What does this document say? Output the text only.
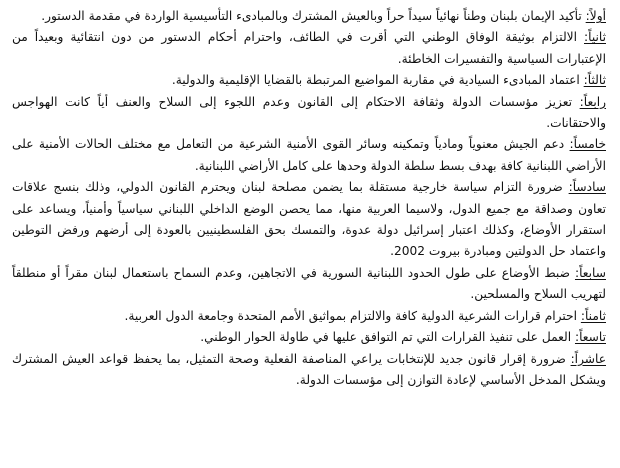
أولاً: تأكيد الإيمان بلبنان وطناً نهائياً سيداً حراً وبالعيش المشترك وبالمبادىء التأسيسية الواردة في مقدمة الدستور.

ثانياً: الالتزام بوثيقة الوفاق الوطني التي أقرت في الطائف، واحترام أحكام الدستور من دون انتقائية وبعيداً من الإعتبارات السياسية والتفسيرات الخاطئة.

ثالثاً: اعتماد المبادىء السيادية في مقاربة المواضيع المرتبطة بالقضايا الإقليمية والدولية.

رابعاً: تعزيز مؤسسات الدولة وثقافة الاحتكام إلى القانون وعدم اللجوء إلى السلاح والعنف أياً كانت الهواجس والاحتقانات.

خامساً: دعم الجيش معنوياً ومادياً وتمكينه وسائر القوى الأمنية الشرعية من التعامل مع مختلف الحالات الأمنية على الأراضي اللبنانية كافة بهدف بسط سلطة الدولة وحدها على كامل الأراضي اللبنانية.

سادساً: ضرورة التزام سياسة خارجية مستقلة بما يضمن مصلحة لبنان ويحترم القانون الدولي، وذلك بنسج علاقات تعاون وصداقة مع جميع الدول، ولاسيما العربية منها، مما يحصن الوضع الداخلي اللبناني سياسياً وأمنياً، ويساعد على استقرار الأوضاع، وكذلك اعتبار إسرائيل دولة عدوة، والتمسك بحق الفلسطينيين بالعودة إلى أرضهم ورفض التوطين واعتماد حل الدولتين ومبادرة بيروت 2002.

سابعاً: ضبط الأوضاع على طول الحدود اللبنانية السورية في الاتجاهين، وعدم السماح باستعمال لبنان مقراً أو منطلقاً لتهريب السلاح والمسلحين.

ثامناً: احترام قرارات الشرعية الدولية كافة والالتزام بمواثيق الأمم المتحدة وجامعة الدول العربية.

تاسعاً: العمل على تنفيذ القرارات التي تم التوافق عليها في طاولة الحوار الوطني.

عاشراً: ضرورة إقرار قانون جديد للإنتخابات يراعي المناصفة الفعلية وصحة التمثيل، بما يحفظ قواعد العيش المشترك ويشكل المدخل الأساسي لإعادة التوازن إلى مؤسسات الدولة.
